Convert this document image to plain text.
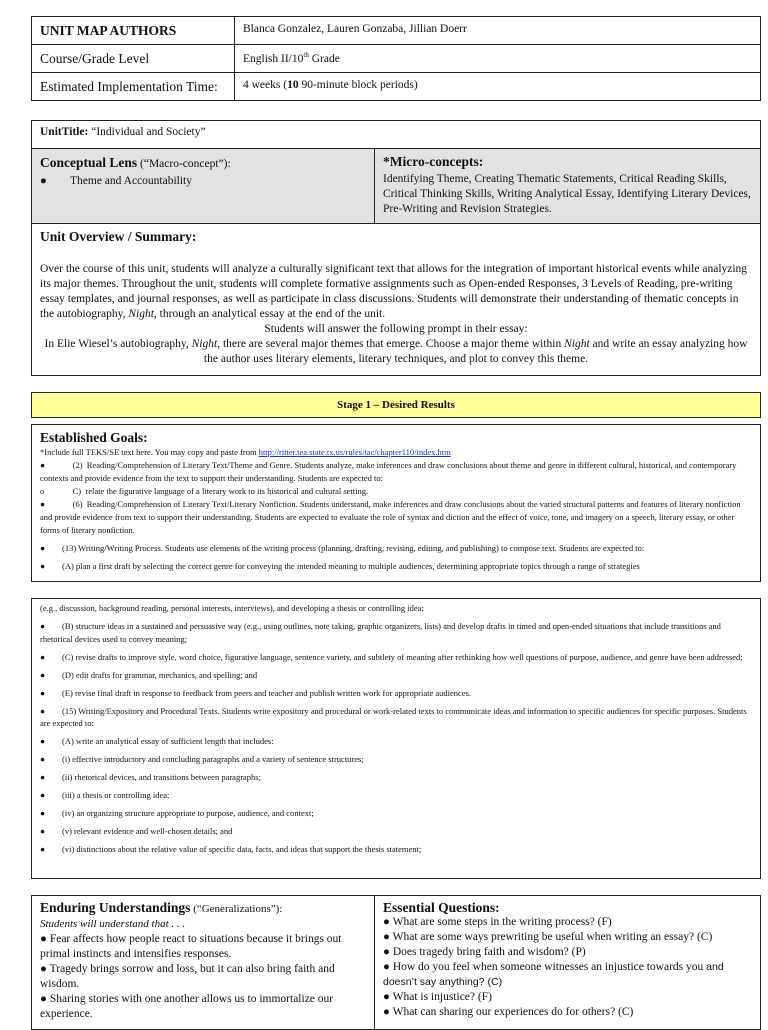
UNIT MAP AUTHORS	Blanca Gonzalez, Lauren Gonzaba, Jillian Doerr
Course/Grade Level	English II/10th Grade
Estimated Implementation Time:	4 weeks (10 90-minute block periods)
UnitTitle: “Individual and Society”
Conceptual Lens (“Macro-concept”):
● Theme and Accountability
*Micro-concepts:
Identifying Theme, Creating Thematic Statements, Critical Reading Skills, Critical Thinking Skills, Writing Analytical Essay, Identifying Literary Devices, Pre-Writing and Revision Strategies.
Unit Overview / Summary:
Over the course of this unit, students will analyze a culturally significant text that allows for the integration of important historical events while analyzing its major themes. Throughout the unit, students will complete formative assignments such as Open-ended Responses, 3 Levels of Reading, pre-writing essay templates, and journal responses, as well as participate in class discussions. Students will demonstrate their understanding of thematic concepts in the autobiography, Night, through an analytical essay at the end of the unit.
Students will answer the following prompt in their essay:
In Elie Wiesel’s autobiography, Night, there are several major themes that emerge. Choose a major theme within Night and write an essay analyzing how the author uses literary elements, literary techniques, and plot to convey this theme.
Stage 1 – Desired Results
Established Goals:
*Include full TEKS/SE text here. You may copy and paste from http://ritter.tea.state.tx.us/rules/tac/chapter110/index.htm
●     (2)  Reading/Comprehension of Literary Text/Theme and Genre. Students analyze, make inferences and draw conclusions about theme and genre in different cultural, historical, and contemporary contexts and provide evidence from the text to support their understanding. Students are expected to:
o     C)  relate the figurative language of a literary work to its historical and cultural setting.
●     (6)  Reading/Comprehension of Literary Text/Literary Nonfiction. Students understand, make inferences and draw conclusions about the varied structural patterns and features of literary nonfiction and provide evidence from text to support their understanding. Students are expected to evaluate the role of syntax and diction and the effect of voice, tone, and imagery on a speech, literary essay, or other forms of literary nonfiction.
● (13) Writing/Writing Process. Students use elements of the writing process (planning, drafting, revising, editing, and publishing) to compose text. Students are expected to:
● (A) plan a first draft by selecting the correct genre for conveying the intended meaning to multiple audiences, determining appropriate topics through a range of strategies
(e.g., discussion, background reading, personal interests, interviews), and developing a thesis or controlling idea;
● (B) structure ideas in a sustained and persuasive way (e.g., using outlines, note taking, graphic organizers, lists) and develop drafts in timed and open-ended situations that include transitions and rhetorical devices used to convey meaning;
● (C) revise drafts to improve style, word choice, figurative language, sentence variety, and subtlety of meaning after rethinking how well questions of purpose, audience, and genre have been addressed;
● (D) edit drafts for grammar, mechanics, and spelling; and
● (E) revise final draft in response to feedback from peers and teacher and publish written work for appropriate audiences.
● (15) Writing/Expository and Procedural Texts. Students write expository and procedural or work-related texts to communicate ideas and information to specific audiences for specific purposes. Students are expected to:
● (A) write an analytical essay of sufficient length that includes:
● (i) effective introductory and concluding paragraphs and a variety of sentence structures;
● (ii) rhetorical devices, and transitions between paragraphs;
● (iii) a thesis or controlling idea;
● (iv) an organizing structure appropriate to purpose, audience, and context;
● (v) relevant evidence and well-chosen details; and
● (vi) distinctions about the relative value of specific data, facts, and ideas that support the thesis statement;
Enduring Understandings (“Generalizations”):
Students will understand that . . .
● Fear affects how people react to situations because it brings out primal instincts and intensifies responses.
● Tragedy brings sorrow and loss, but it can also bring faith and wisdom.
● Sharing stories with one another allows us to immortalize our experience.
Essential Questions:
● What are some steps in the writing process? (F)
● What are some ways prewriting be useful when writing an essay? (C)
● Does tragedy bring faith and wisdom? (P)
● How do you feel when someone witnesses an injustice towards you and doesn’t say anything? (C)
● What is injustice? (F)
● What can sharing our experiences do for others? (C)
